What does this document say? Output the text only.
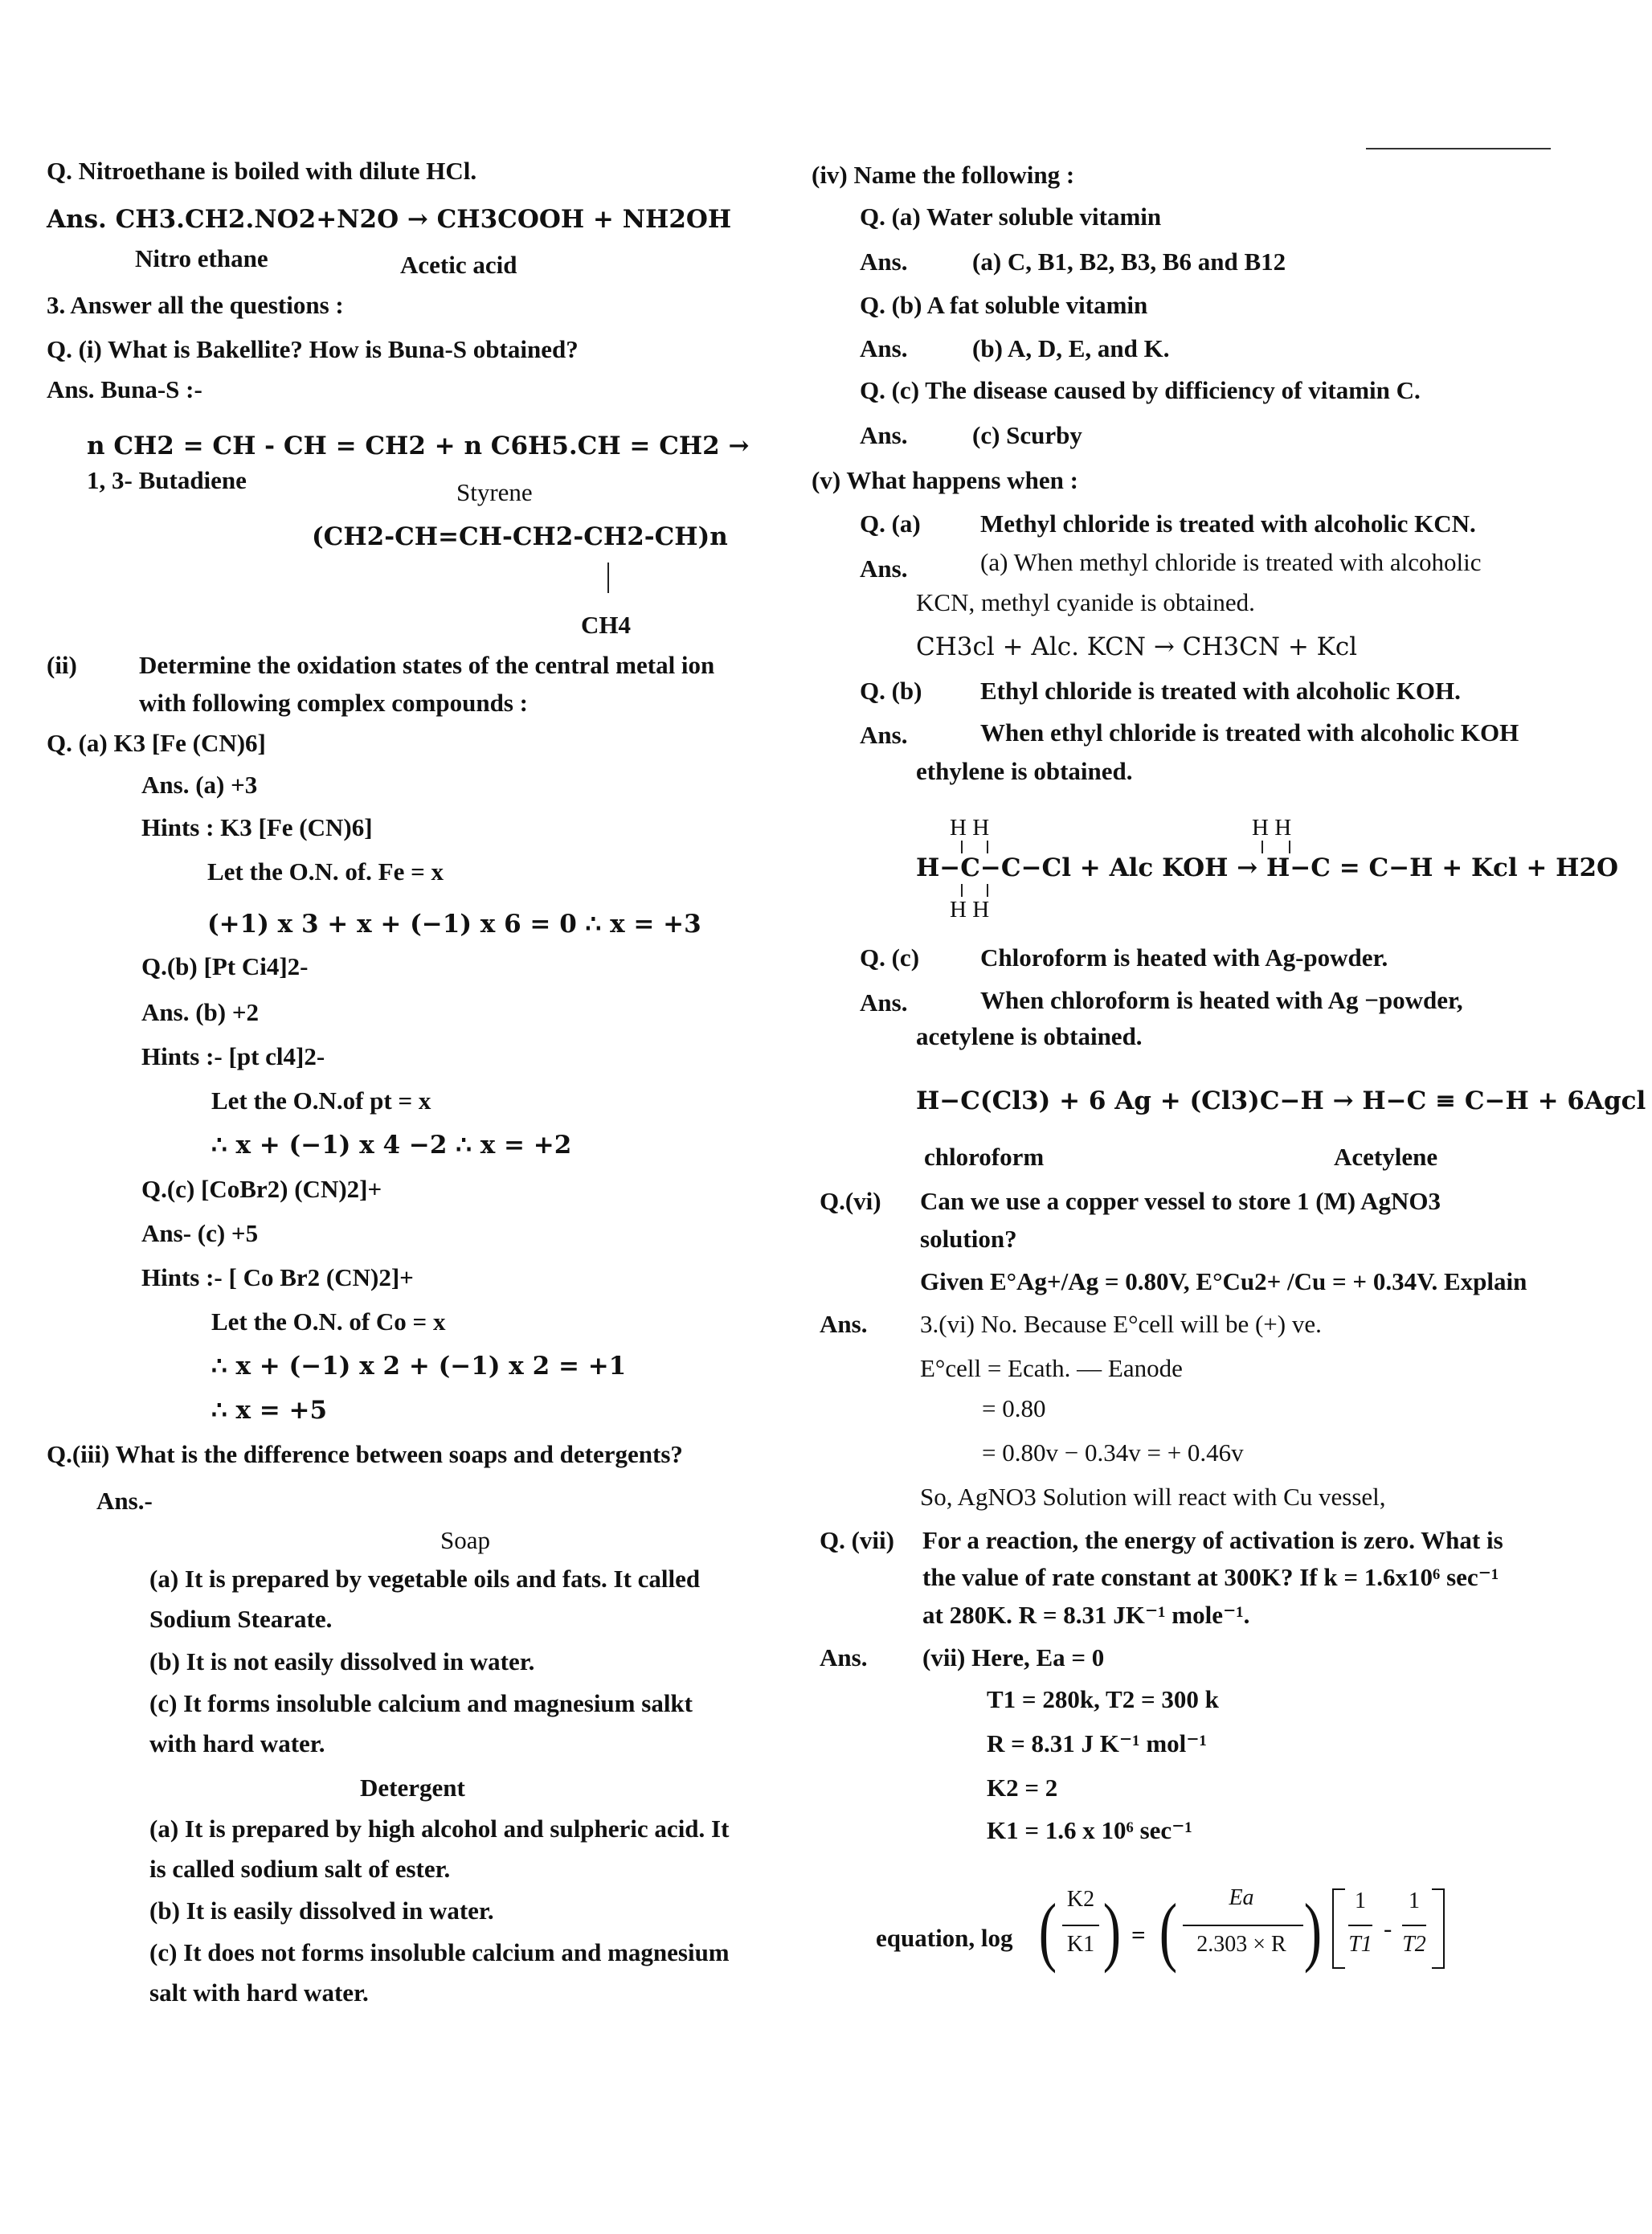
Q. Nitroethane is boiled with dilute HCl.
Ans. CH3.CH2.NO2+N2O → CH3COOH + NH2OH
Nitro ethane	Acetic acid
3. Answer all the questions :
Q. (i) What is Bakellite? How is Buna-S obtained?
Ans. Buna-S :-
n CH2 = CH - CH = CH2 + n C6H5.CH = CH2 →
1, 3- Butadiene	Styrene
(CH2-CH=CH-CH2-CH2-CH)n
CH4
(ii) Determine the oxidation states of the central metal ion
with following complex compounds :
Q. (a) K3 [Fe (CN)6]
Ans. (a) +3
Hints : K3 [Fe (CN)6]
Let the O.N. of. Fe = x
(+1) x 3 + x + (−1) x 6 = 0 ∴ x = +3
Q.(b) [Pt Ci4]2-
Ans. (b) +2
Hints :- [pt cl4]2-
Let the O.N.of pt = x
∴ x + (−1) x 4 −2 ∴ x = +2
Q.(c) [CoBr2) (CN)2]+
Ans- (c) +5
Hints :- [ Co Br2 (CN)2]+
Let the O.N. of Co = x
∴ x + (−1) x 2 + (−1) x 2 = +1
∴ x = +5
Q.(iii) What is the difference between soaps and detergents?
Ans.-
Soap
(a) It is prepared by vegetable oils and fats. It called
Sodium Stearate.
(b) It is not easily dissolved in water.
(c) It forms insoluble calcium and magnesium salkt
with hard water.
Detergent
(a) It is prepared by high alcohol and sulpheric acid. It
is called sodium salt of ester.
(b) It is easily dissolved in water.
(c) It does not forms insoluble calcium and magnesium
salt with hard water.
(iv) Name the following :
Q. (a) Water soluble vitamin
Ans.	(a) C, B1, B2, B3, B6 and B12
Q. (b) A fat soluble vitamin
Ans.	(b) A, D, E, and K.
Q. (c) The disease caused by difficiency of vitamin C.
Ans.	(c) Scurby
(v) What happens when :
Q. (a) Methyl chloride is treated with alcoholic KCN.
Ans.	(a) When methyl chloride is treated with alcoholic
KCN, methyl cyanide is obtained.
CH3cl + Alc. KCN → CH3CN + Kcl
Q. (b) Ethyl chloride is treated with alcoholic KOH.
Ans.	When ethyl chloride is treated with alcoholic KOH
ethylene is obtained.
H H	H H
H−C−C−Cl + Alc KOH → H−C = C−H + Kcl + H2O
H H
Q. (c) Chloroform is heated with Ag-powder.
Ans.	When chloroform is heated with Ag −powder,
acetylene is obtained.
H−C(Cl3) + 6 Ag + (Cl3)C−H → H−C ≡ C−H + 6Agcl
chloroform	Acetylene
Q.(vi) Can we use a copper vessel to store 1 (M) AgNO3
solution?
Given E°Ag+/Ag = 0.80V, E°Cu2+ /Cu = + 0.34V. Explain
Ans. 3.(vi) No. Because E°cell will be (+) ve.
E°cell = Ecath. — Eanode
= 0.80
= 0.80v − 0.34v = + 0.46v
So, AgNO3 Solution will react with Cu vessel,
Q. (vii) For a reaction, the energy of activation is zero. What is
the value of rate constant at 300K? If k = 1.6x10⁶ sec⁻¹
at 280K. R = 8.31 JK⁻¹ mole⁻¹.
Ans. (vii) Here, Ea = 0
T1 = 280k, T2 = 300 k
R = 8.31 J K⁻¹ mol⁻¹
K2 = 2
K1 = 1.6 x 10⁶ sec⁻¹
equation, log ( K2
K1 ) = (	Ea
2.303 × R )	1
T1
-
1
T2
